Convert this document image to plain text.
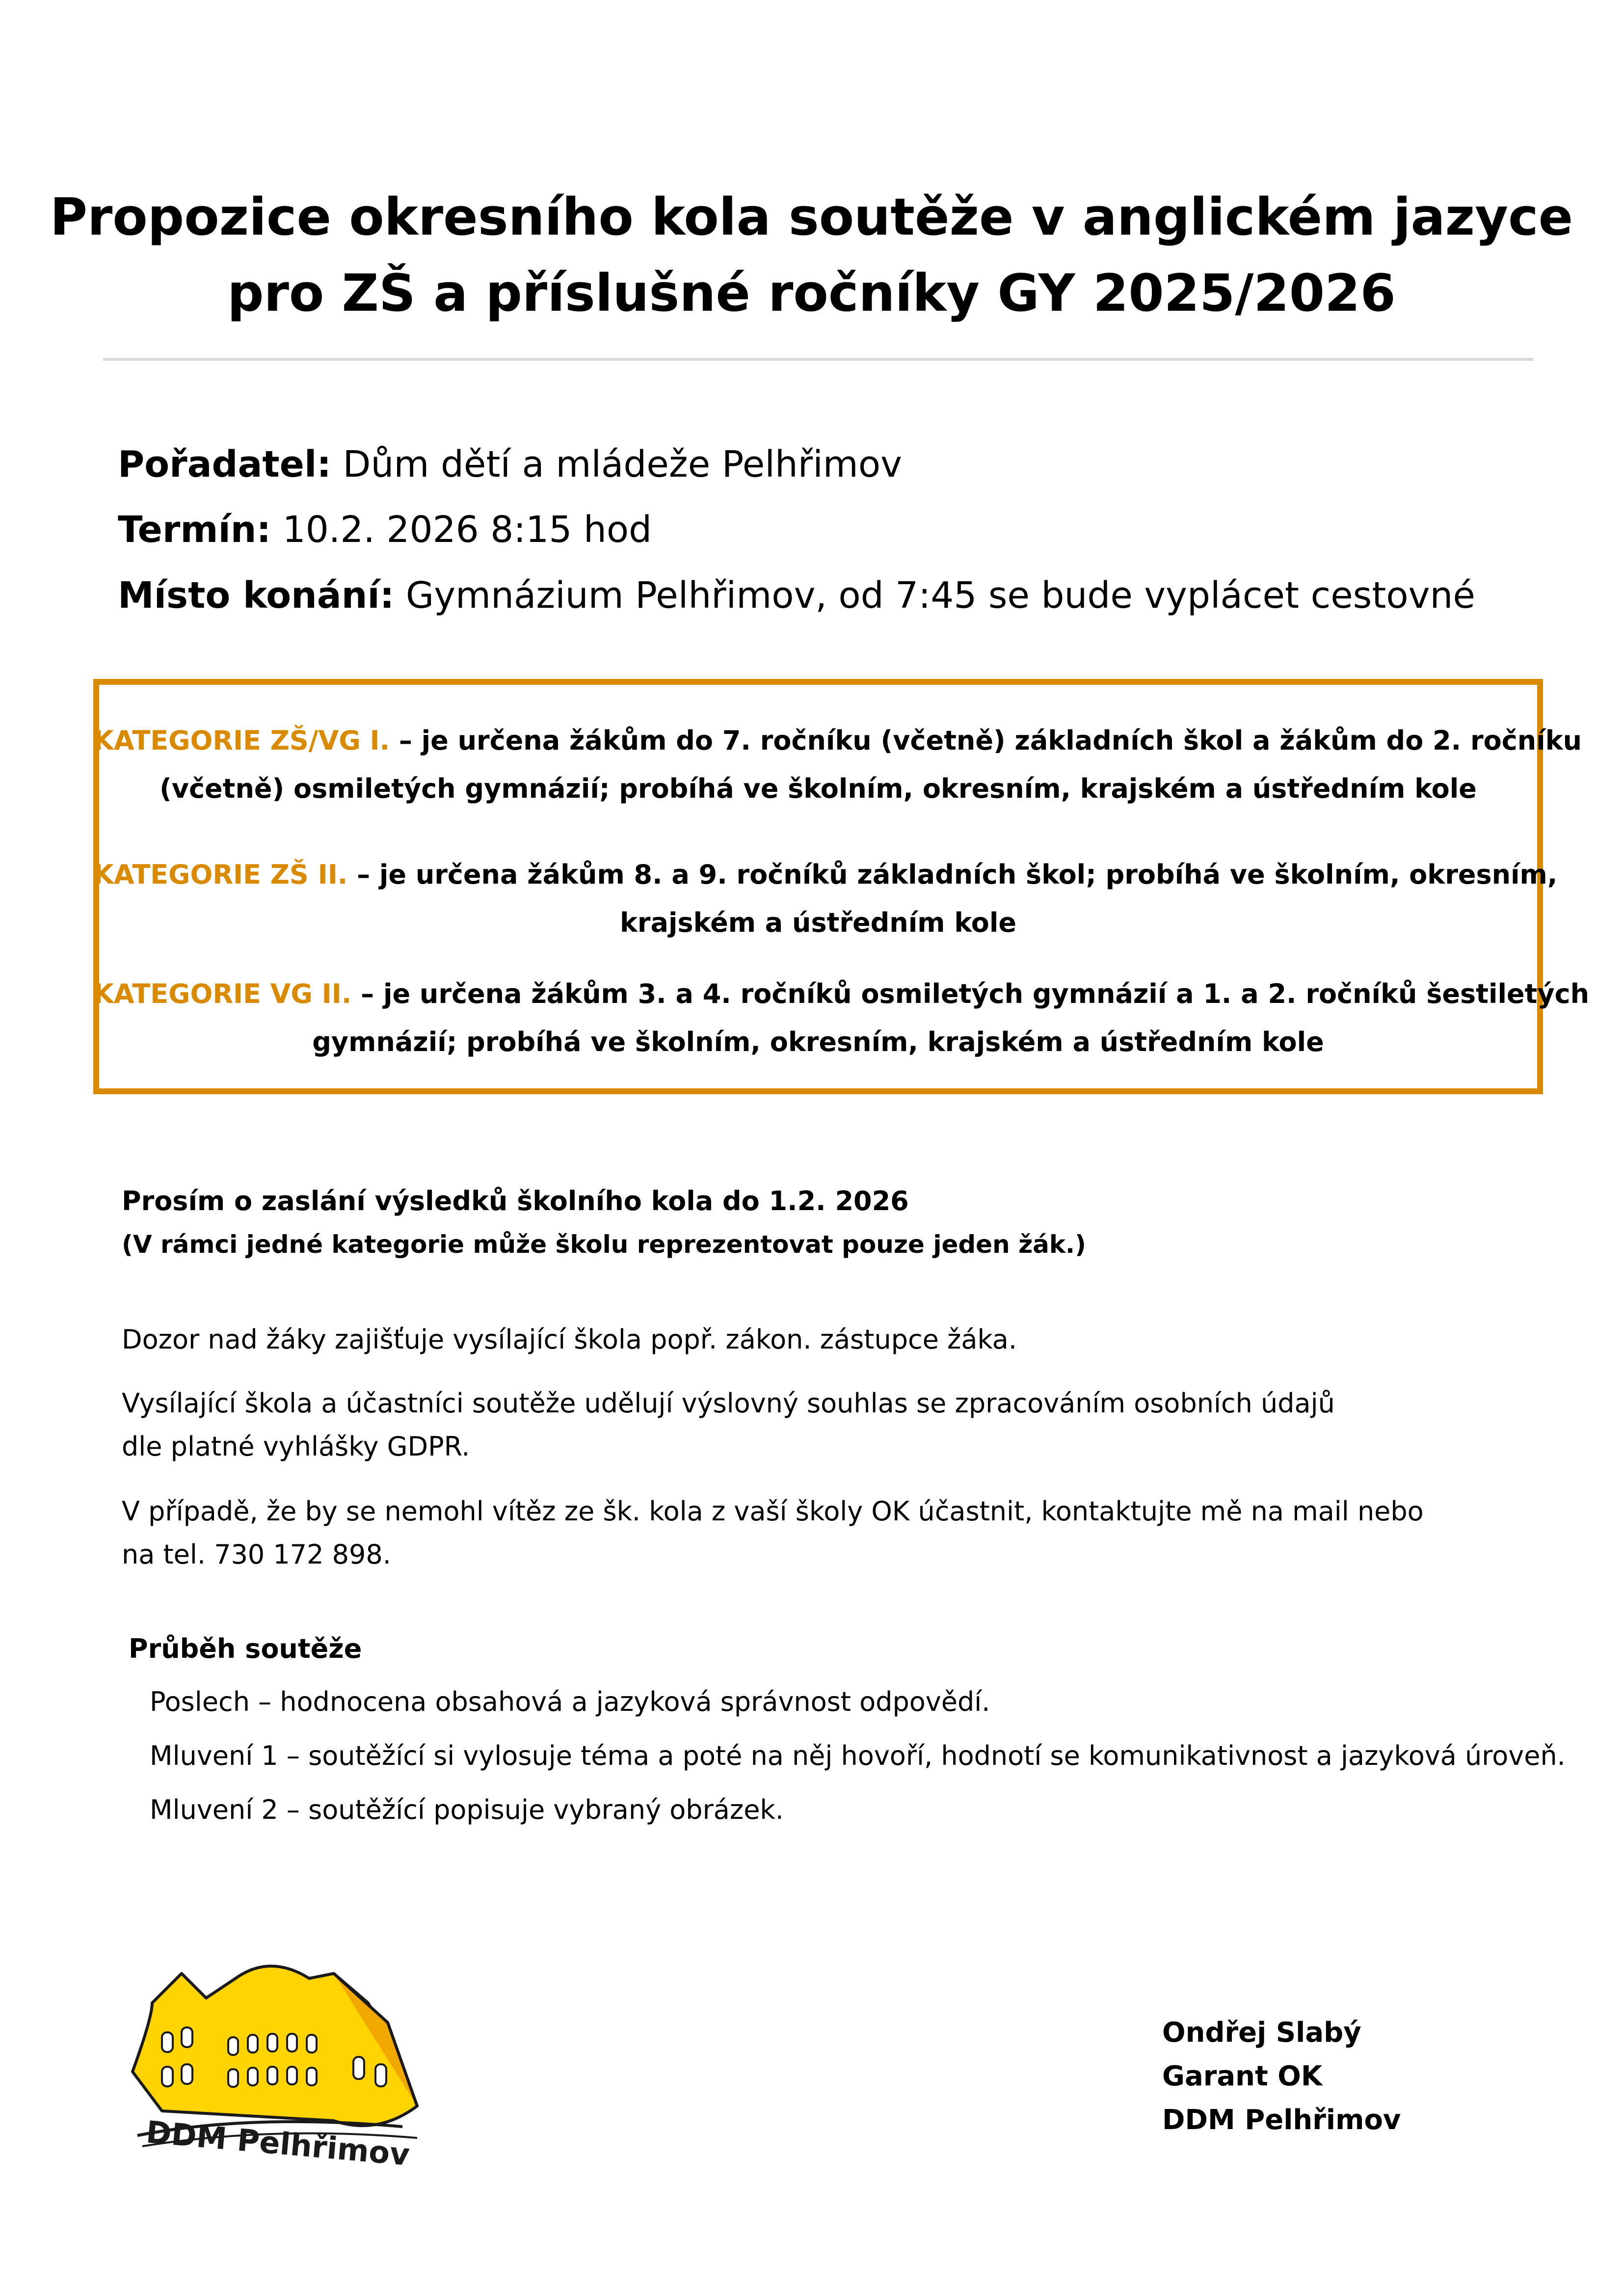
Propozice okresního kola soutěže v anglickém jazyce
pro ZŠ a příslušné ročníky GY 2025/2026
Pořadatel: Dům dětí a mládeže Pelhřimov
Termín: 10.2. 2026 8:15 hod
Místo konání: Gymnázium Pelhřimov, od 7:45 se bude vyplácet cestovné
KATEGORIE ZŠ/VG I. – je určena žákům do 7. ročníku (včetně) základních škol a žákům do 2. ročníku
(včetně) osmiletých gymnázií; probíhá ve školním, okresním, krajském a ústředním kole
KATEGORIE ZŠ II. – je určena žákům 8. a 9. ročníků základních škol; probíhá ve školním, okresním,
krajském a ústředním kole
KATEGORIE VG II. – je určena žákům 3. a 4. ročníků osmiletých gymnázií a 1. a 2. ročníků šestiletých
gymnázií; probíhá ve školním, okresním, krajském a ústředním kole
Prosím o zaslání výsledků školního kola do 1.2. 2026
(V rámci jedné kategorie může školu reprezentovat pouze jeden žák.)
Dozor nad žáky zajišťuje vysílající škola popř. zákon. zástupce žáka.
Vysílající škola a účastníci soutěže udělují výslovný souhlas se zpracováním osobních údajů
dle platné vyhlášky GDPR.
V případě, že by se nemohl vítěz ze šk. kola z vaší školy OK účastnit, kontaktujte mě na mail nebo
na tel. 730 172 898.
Průběh soutěže
Poslech – hodnocena obsahová a jazyková správnost odpovědí.
Mluvení 1 – soutěžící si vylosuje téma a poté na něj hovoří, hodnotí se komunikativnost a jazyková úroveň.
Mluvení 2 – soutěžící popisuje vybraný obrázek.
DDM Pelhřimov
Ondřej Slabý
Garant OK
DDM Pelhřimov
